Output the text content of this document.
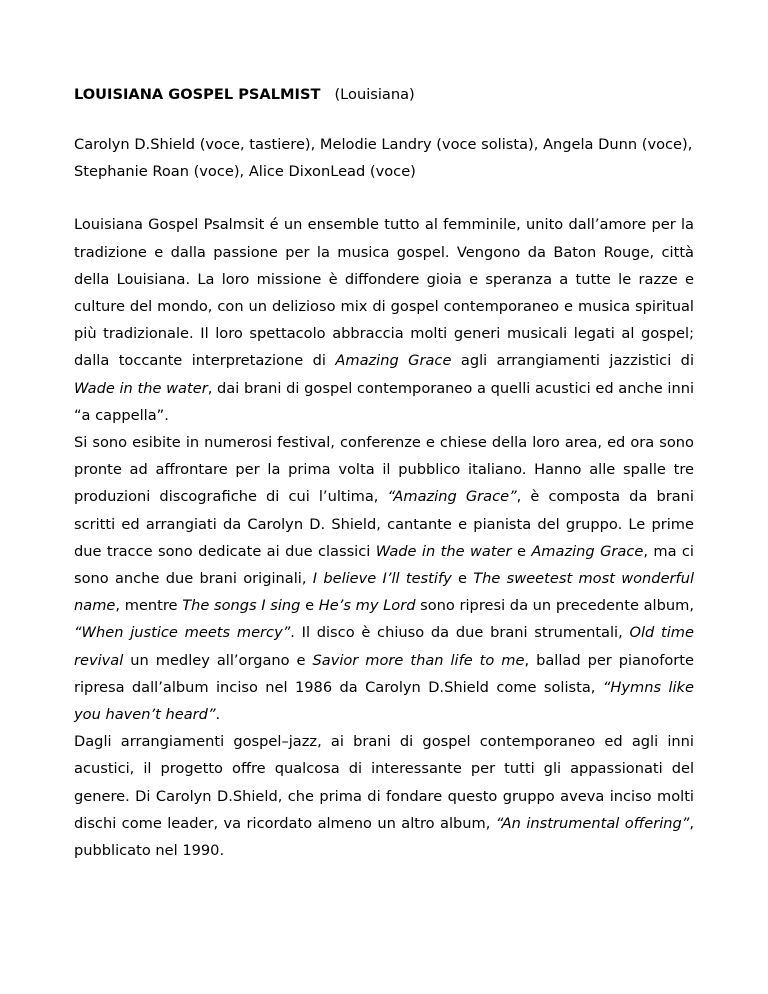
LOUISIANA GOSPEL PSALMIST (Louisiana)

Carolyn D.Shield (voce, tastiere), Melodie Landry (voce solista), Angela Dunn (voce), Stephanie Roan (voce), Alice DixonLead (voce)

Louisiana Gospel Psalmsit é un ensemble tutto al femminile, unito dall’amore per la tradizione e dalla passione per la musica gospel. Vengono da Baton Rouge, città della Louisiana. La loro missione è diffondere gioia e speranza a tutte le razze e culture del mondo, con un delizioso mix di gospel contemporaneo e musica spiritual più tradizionale. Il loro spettacolo abbraccia molti generi musicali legati al gospel; dalla toccante interpretazione di Amazing Grace agli arrangiamenti jazzistici di Wade in the water, dai brani di gospel contemporaneo a quelli acustici ed anche inni “a cappella”.

Si sono esibite in numerosi festival, conferenze e chiese della loro area, ed ora sono pronte ad affrontare per la prima volta il pubblico italiano. Hanno alle spalle tre produzioni discografiche di cui l’ultima, “Amazing Grace”, è composta da brani scritti ed arrangiati da Carolyn D. Shield, cantante e pianista del gruppo. Le prime due tracce sono dedicate ai due classici Wade in the water e Amazing Grace, ma ci sono anche due brani originali, I believe I’ll testify e The sweetest most wonderful name, mentre The songs I sing e He’s my Lord sono ripresi da un precedente album, “When justice meets mercy”. Il disco è chiuso da due brani strumentali, Old time revival un medley all’organo e Savior more than life to me, ballad per pianoforte ripresa dall’album inciso nel 1986 da Carolyn D.Shield come solista, “Hymns like you haven’t heard”.

Dagli arrangiamenti gospel–jazz, ai brani di gospel contemporaneo ed agli inni acustici, il progetto offre qualcosa di interessante per tutti gli appassionati del genere. Di Carolyn D.Shield, che prima di fondare questo gruppo aveva inciso molti dischi come leader, va ricordato almeno un altro album, “An instrumental offering”, pubblicato nel 1990.
